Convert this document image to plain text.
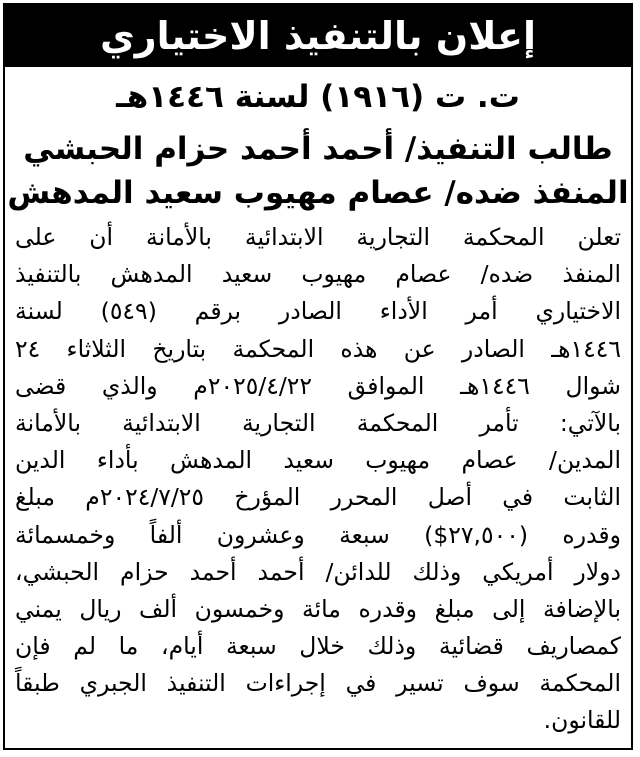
إعلان بالتنفيذ الاختياري
ت. ت (١٩١٦) لسنة ١٤٤٦هـ
طالب التنفيذ/ أحمد أحمد حزام الحبشي
المنفذ ضده/ عصام مهيوب سعيد المدهش
تعلن المحكمة التجارية الابتدائية بالأمانة أن على
المنفذ ضده/ عصام مهيوب سعيد المدهش بالتنفيذ
الاختياري أمر الأداء الصادر برقم (٥٤٩) لسنة
١٤٤٦هـ الصادر عن هذه المحكمة بتاريخ الثلاثاء ٢٤
شوال ١٤٤٦هـ الموافق ٢٠٢٥/٤/٢٢م والذي قضى
بالآتي: تأمر المحكمة التجارية الابتدائية بالأمانة
المدين/ عصام مهيوب سعيد المدهش بأداء الدين
الثابت في أصل المحرر المؤرخ ٢٠٢٤/٧/٢٥م مبلغ
وقدره (٢٧,٥٠٠$) سبعة وعشرون ألفاً وخمسمائة
دولار أمريكي وذلك للدائن/ أحمد أحمد حزام الحبشي،
بالإضافة إلى مبلغ وقدره مائة وخمسون ألف ريال يمني
كمصاريف قضائية وذلك خلال سبعة أيام، ما لم فإن
المحكمة سوف تسير في إجراءات التنفيذ الجبري طبقاً
للقانون.
